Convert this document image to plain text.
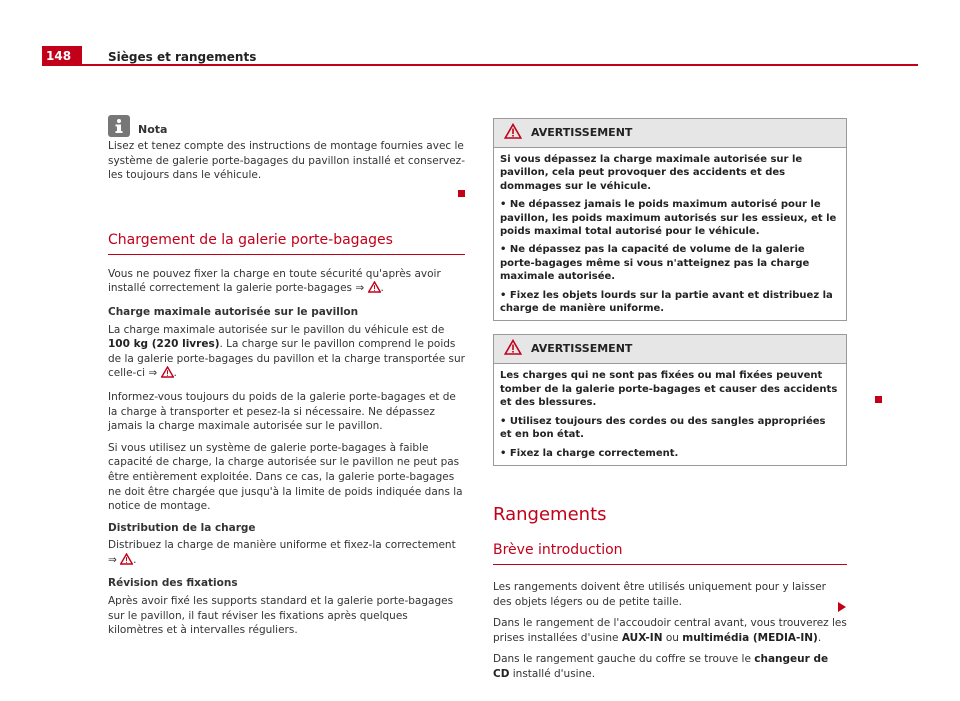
148	Sièges et rangements
Nota

Lisez et tenez compte des instructions de montage fournies avec le système de galerie porte-bagages du pavillon installé et conservez-les toujours dans le véhicule.

Chargement de la galerie porte-bagages

Vous ne pouvez fixer la charge en toute sécurité qu'après avoir installé correctement la galerie porte-bagages ⇒ .

Charge maximale autorisée sur le pavillon

La charge maximale autorisée sur le pavillon du véhicule est de 100 kg (220 livres). La charge sur le pavillon comprend le poids de la galerie porte-bagages du pavillon et la charge transportée sur celle-ci ⇒ .

Informez-vous toujours du poids de la galerie porte-bagages et de la charge à transporter et pesez-la si nécessaire. Ne dépassez jamais la charge maximale autorisée sur le pavillon.

Si vous utilisez un système de galerie porte-bagages à faible capacité de charge, la charge autorisée sur le pavillon ne peut pas être entièrement exploitée. Dans ce cas, la galerie porte-bagages ne doit être chargée que jusqu'à la limite de poids indiquée dans la notice de montage.

Distribution de la charge

Distribuez la charge de manière uniforme et fixez-la correctement ⇒ .

Révision des fixations

Après avoir fixé les supports standard et la galerie porte-bagages sur le pavillon, il faut réviser les fixations après quelques kilomètres et à intervalles réguliers.

AVERTISSEMENT

Si vous dépassez la charge maximale autorisée sur le pavillon, cela peut provoquer des accidents et des dommages sur le véhicule.

• Ne dépassez jamais le poids maximum autorisé pour le pavillon, les poids maximum autorisés sur les essieux, et le poids maximal total autorisé pour le véhicule.

• Ne dépassez pas la capacité de volume de la galerie porte-bagages même si vous n'atteignez pas la charge maximale autorisée.

• Fixez les objets lourds sur la partie avant et distribuez la charge de manière uniforme.

AVERTISSEMENT

Les charges qui ne sont pas fixées ou mal fixées peuvent tomber de la galerie porte-bagages et causer des accidents et des blessures.

• Utilisez toujours des cordes ou des sangles appropriées et en bon état.

• Fixez la charge correctement.

Rangements
Brève introduction

Les rangements doivent être utilisés uniquement pour y laisser des objets légers ou de petite taille.

Dans le rangement de l'accoudoir central avant, vous trouverez les prises installées d'usine AUX-IN ou multimédia (MEDIA-IN).

Dans le rangement gauche du coffre se trouve le changeur de CD installé d'usine.
